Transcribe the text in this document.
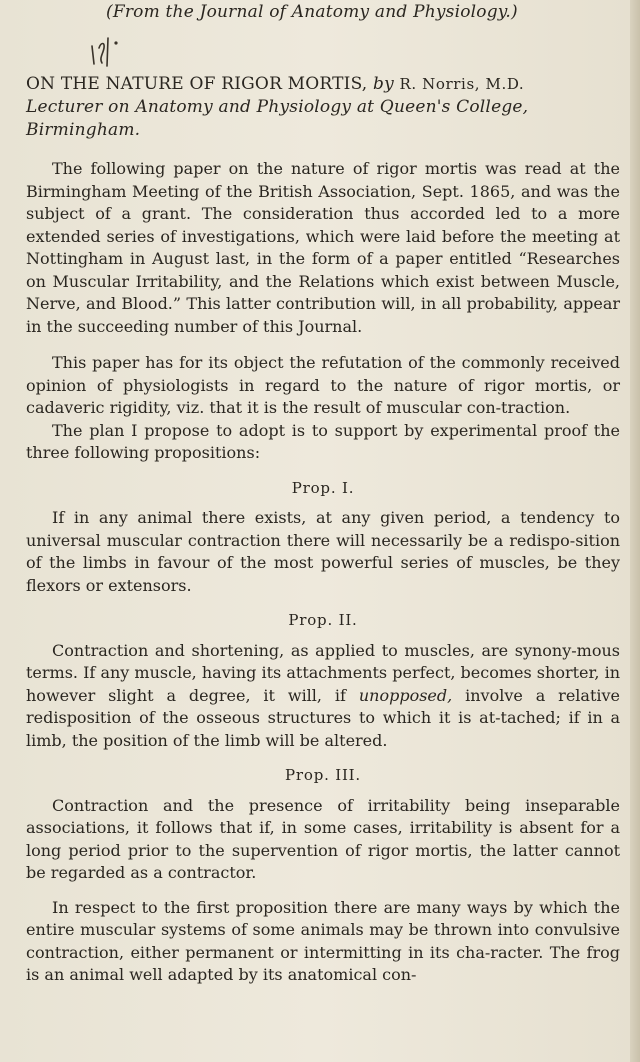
(From the Journal of Anatomy and Physiology.)
ON THE NATURE OF RIGOR MORTIS, by R. Norris, M.D.
Lecturer on Anatomy and Physiology at Queen's College,
Birmingham.

The following paper on the nature of rigor mortis was read at the Birmingham Meeting of the British Association, Sept. 1865, and was the subject of a grant. The consideration thus accorded led to a more extended series of investigations, which were laid before the meeting at Nottingham in August last, in the form of a paper entitled “Researches on Muscular Irritability, and the Relations which exist between Muscle, Nerve, and Blood.” This latter contribution will, in all probability, appear in the succeeding number of this Journal.

This paper has for its object the refutation of the commonly received opinion of physiologists in regard to the nature of rigor mortis, or cadaveric rigidity, viz. that it is the result of muscular con-traction.

The plan I propose to adopt is to support by experimental proof the three following propositions:

Prop. I.

If in any animal there exists, at any given period, a tendency to universal muscular contraction there will necessarily be a redispo-sition of the limbs in favour of the most powerful series of muscles, be they flexors or extensors.

Prop. II.

Contraction and shortening, as applied to muscles, are synony-mous terms. If any muscle, having its attachments perfect, becomes shorter, in however slight a degree, it will, if unopposed, involve a relative redisposition of the osseous structures to which it is at-tached; if in a limb, the position of the limb will be altered.

Prop. III.

Contraction and the presence of irritability being inseparable associations, it follows that if, in some cases, irritability is absent for a long period prior to the supervention of rigor mortis, the latter cannot be regarded as a contractor.

In respect to the first proposition there are many ways by which the entire muscular systems of some animals may be thrown into convulsive contraction, either permanent or intermitting in its cha-racter. The frog is an animal well adapted by its anatomical con-
